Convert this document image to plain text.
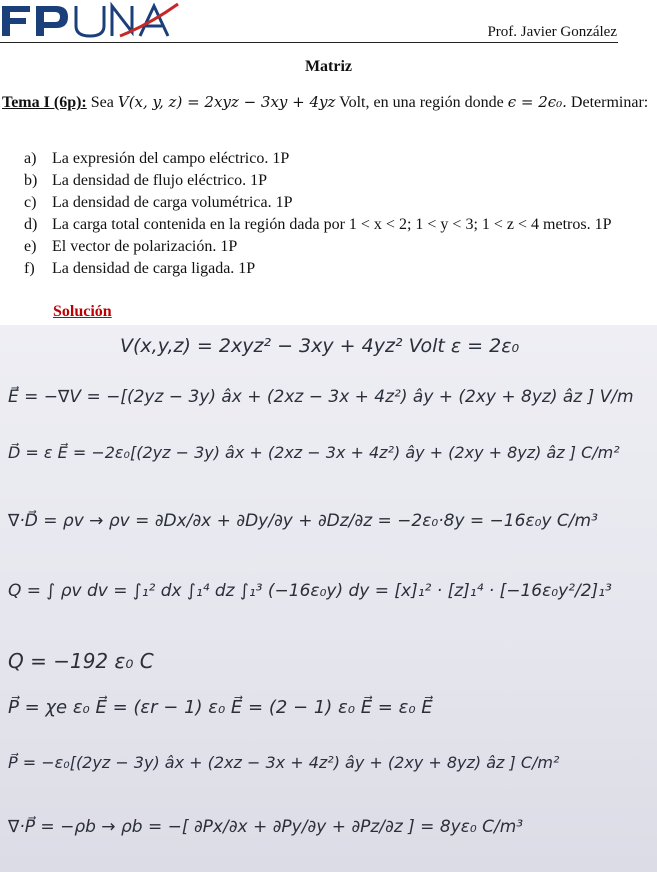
Prof. Javier González
Matriz
Tema I (6p): Sea V(x, y, z) = 2xyz − 3xy + 4yz Volt, en una región donde ϵ = 2ϵ₀. Determinar:
a) La expresión del campo eléctrico. 1P
b) La densidad de flujo eléctrico. 1P
c) La densidad de carga volumétrica. 1P
d) La carga total contenida en la región dada por 1 < x < 2; 1 < y < 3; 1 < z < 4 metros. 1P
e) El vector de polarización. 1P
f)	La densidad de carga ligada. 1P
Solución
V(x,y,z) = 2xyz² − 3xy + 4yz² Volt ε = 2ε₀
E⃗ = −∇V = −[(2yz − 3y) âx + (2xz − 3x + 4z²) ây + (2xy + 8yz) âz ] V/m
D⃗ = ε E⃗ = −2ε₀[(2yz − 3y) âx + (2xz − 3x + 4z²) ây + (2xy + 8yz) âz ] C/m²
∇·D⃗ = ρv → ρv = ∂Dx/∂x + ∂Dy/∂y + ∂Dz/∂z = −2ε₀·8y = −16ε₀y C/m³
Q = ∫ ρv dv = ∫₁² dx ∫₁⁴ dz ∫₁³ (−16ε₀y) dy = [x]₁² · [z]₁⁴ · [−16ε₀y²/2]₁³
Q = −192 ε₀ C
P⃗ = χe ε₀ E⃗ = (εr − 1) ε₀ E⃗ = (2 − 1) ε₀ E⃗ = ε₀ E⃗
P⃗ = −ε₀[(2yz − 3y) âx + (2xz − 3x + 4z²) ây + (2xy + 8yz) âz ] C/m²
∇·P⃗ = −ρb → ρb = −[ ∂Px/∂x + ∂Py/∂y + ∂Pz/∂z ] = 8yε₀ C/m³
